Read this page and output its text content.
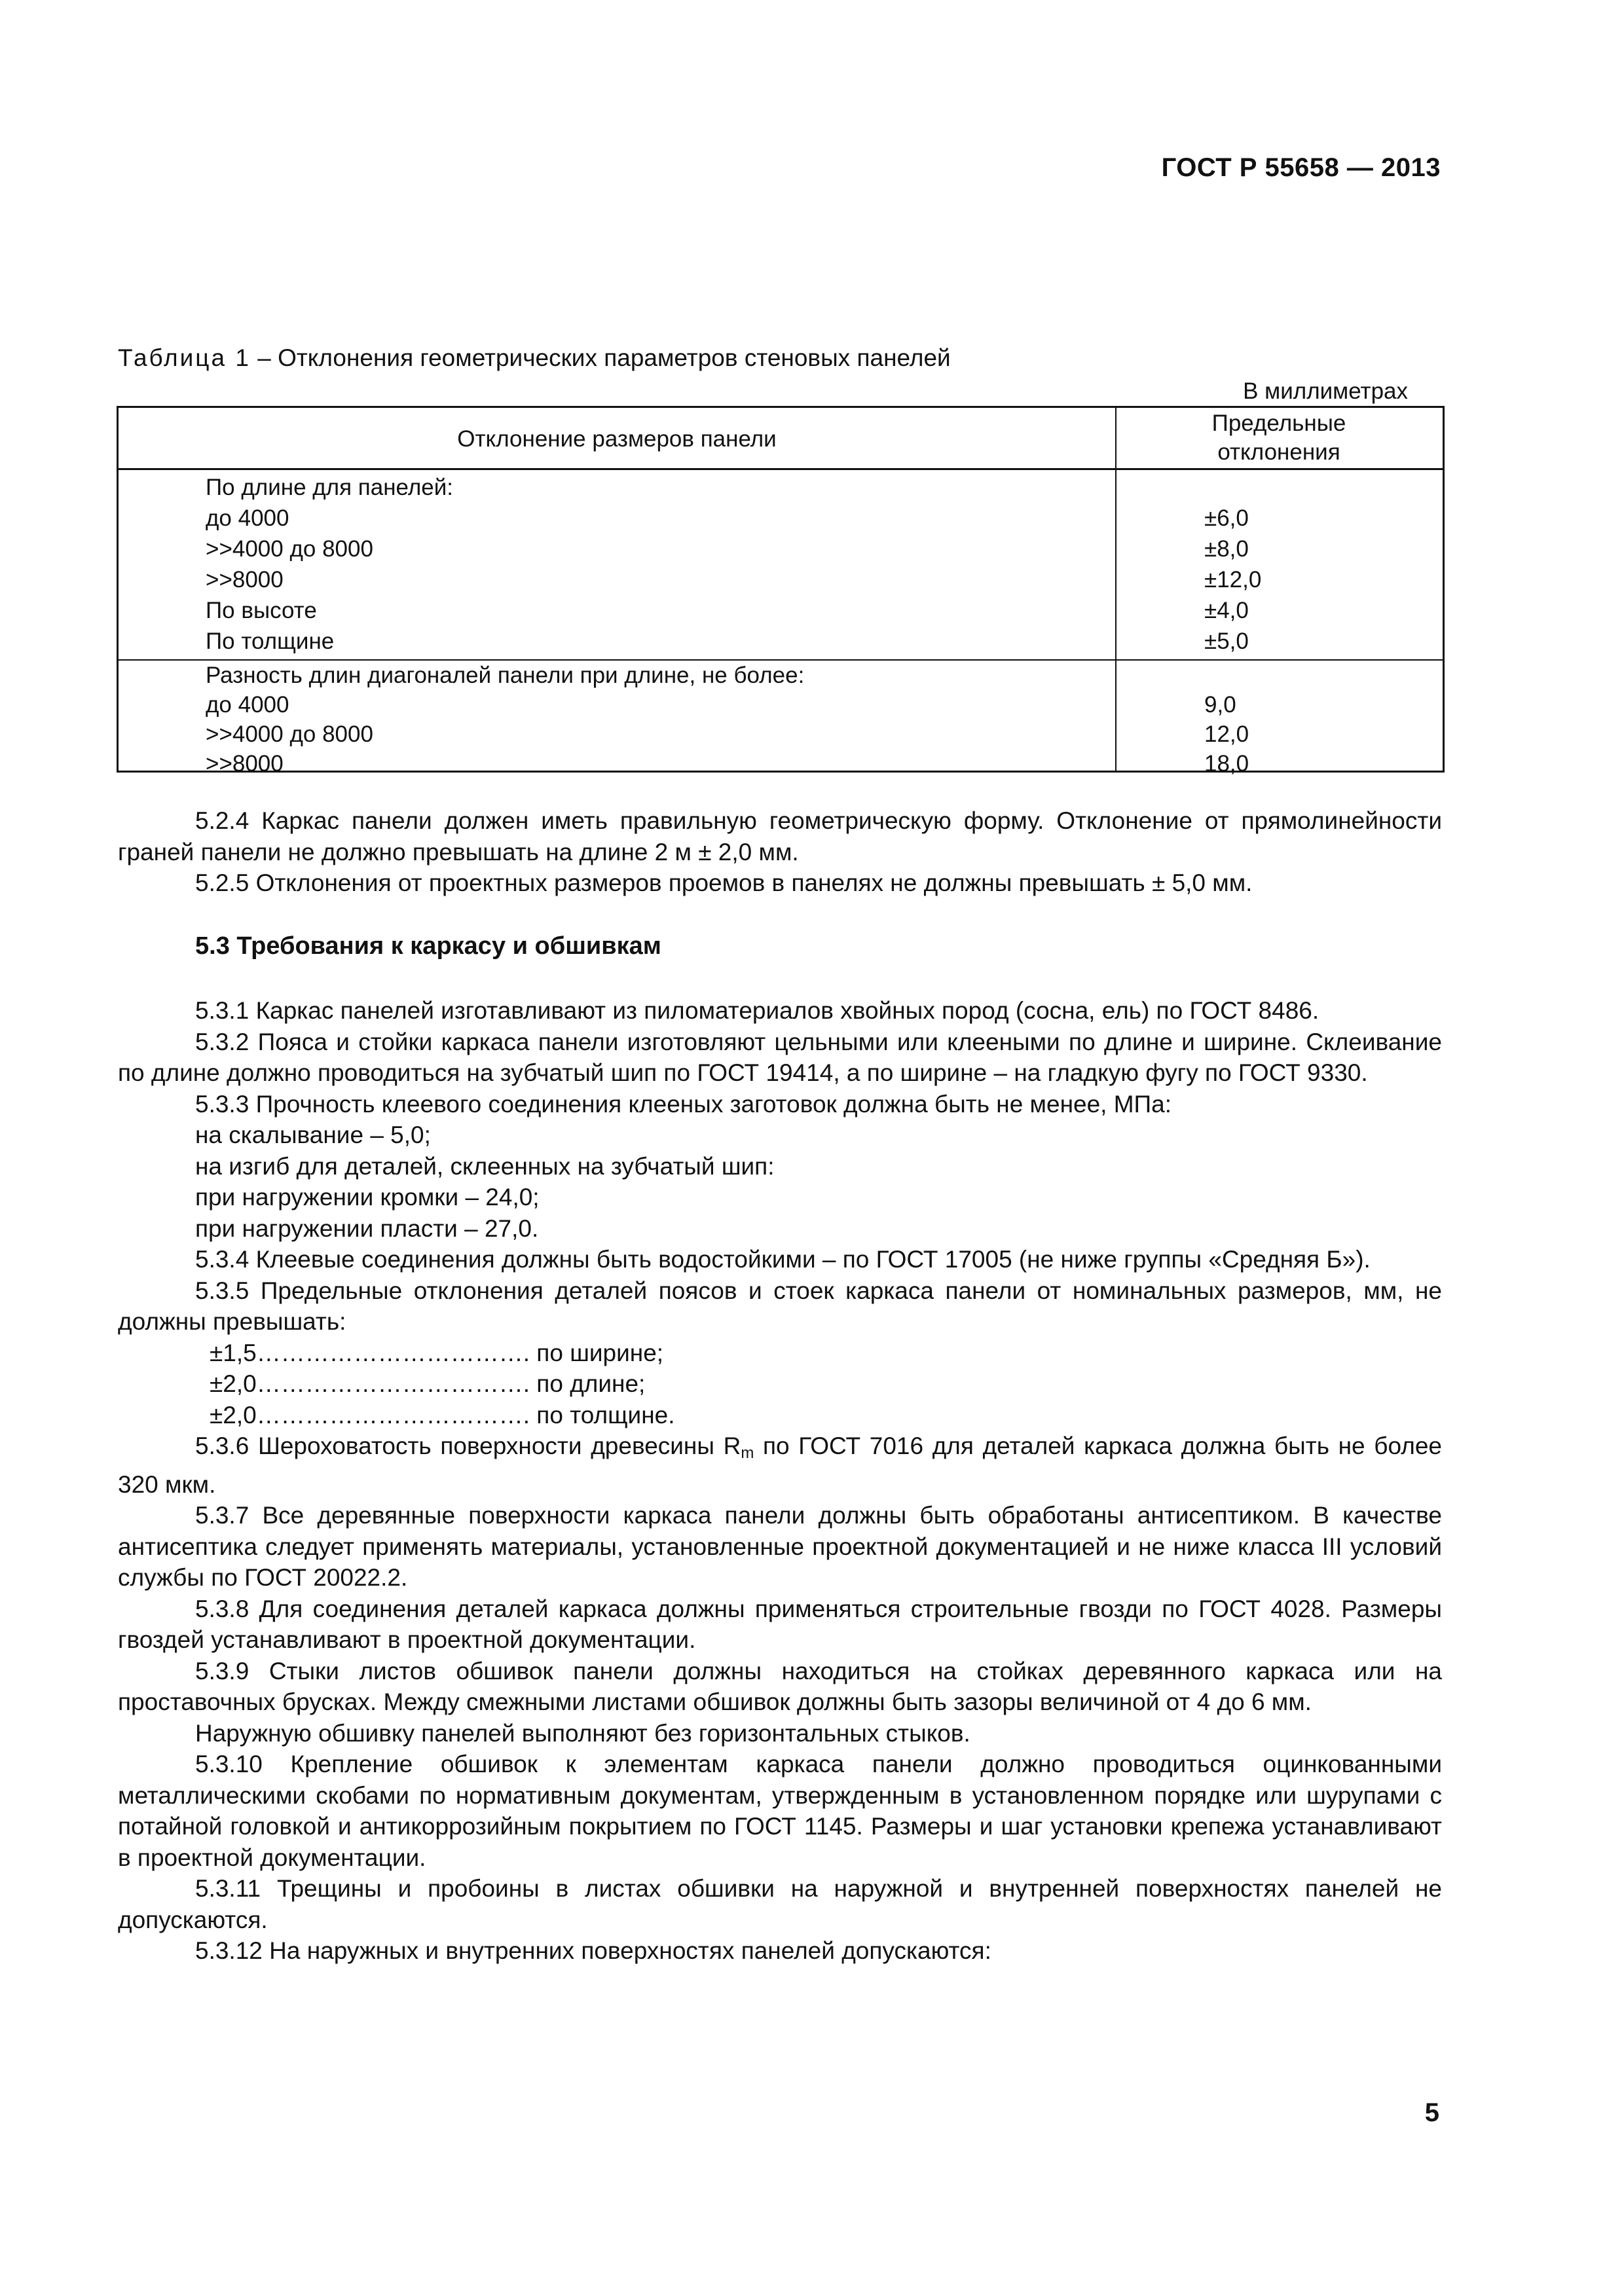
ГОСТ Р 55658 — 2013
Таблица 1 – Отклонения геометрических параметров стеновых панелей
В миллиметрах
Отклонение размеров панели
Предельные
отклонения
По длине для панелей:
до 4000
>>4000 до 8000
>>8000
По высоте
По толщине
±6,0
±8,0
±12,0
±4,0
±5,0
Разность длин диагоналей панели при длине, не более:
до 4000
>>4000 до 8000
>>8000
9,0
12,0
18,0

5.2.4 Каркас панели должен иметь правильную геометрическую форму. Отклонение от прямолинейности граней панели не должно превышать на длине 2 м ± 2,0 мм.

5.2.5 Отклонения от проектных размеров проемов в панелях не должны превышать ± 5,0 мм.

5.3 Требования к каркасу и обшивкам

5.3.1 Каркас панелей изготавливают из пиломатериалов хвойных пород (сосна, ель) по ГОСТ 8486.

5.3.2 Пояса и стойки каркаса панели изготовляют цельными или клееными по длине и ширине. Склеивание по длине должно проводиться на зубчатый шип по ГОСТ 19414, а по ширине – на гладкую фугу по ГОСТ 9330.

5.3.3 Прочность клеевого соединения клееных заготовок должна быть не менее, МПа:

на скалывание – 5,0;

на изгиб для деталей, склеенных на зубчатый шип:

при нагружении кромки – 24,0;

при нагружении пласти – 27,0.

5.3.4 Клеевые соединения должны быть водостойкими – по ГОСТ 17005 (не ниже группы «Средняя Б»).

5.3.5 Предельные отклонения деталей поясов и стоек каркаса панели от номинальных размеров, мм, не должны превышать:

±1,5……………………………. по ширине;

±2,0……………………………. по длине;

±2,0……………………………. по толщине.

5.3.6 Шероховатость поверхности древесины $R_m$ по ГОСТ 7016 для деталей каркаса должна быть не более 320 мкм.

5.3.7 Все деревянные поверхности каркаса панели должны быть обработаны антисептиком. В качестве антисептика следует применять материалы, установленные проектной документацией и не ниже класса III условий службы по ГОСТ 20022.2.

5.3.8 Для соединения деталей каркаса должны применяться строительные гвозди по ГОСТ 4028. Размеры гвоздей устанавливают в проектной документации.

5.3.9 Стыки листов обшивок панели должны находиться на стойках деревянного каркаса или на проставочных брусках. Между смежными листами обшивок должны быть зазоры величиной от 4 до 6 мм.

Наружную обшивку панелей выполняют без горизонтальных стыков.

5.3.10 Крепление обшивок к элементам каркаса панели должно проводиться оцинкованными металлическими скобами по нормативным документам, утвержденным в установленном порядке или шурупами с потайной головкой и антикоррозийным покрытием по ГОСТ 1145. Размеры и шаг установки крепежа устанавливают в проектной документации.

5.3.11 Трещины и пробоины в листах обшивки на наружной и внутренней поверхностях панелей не допускаются.

5.3.12 На наружных и внутренних поверхностях панелей допускаются:

5
